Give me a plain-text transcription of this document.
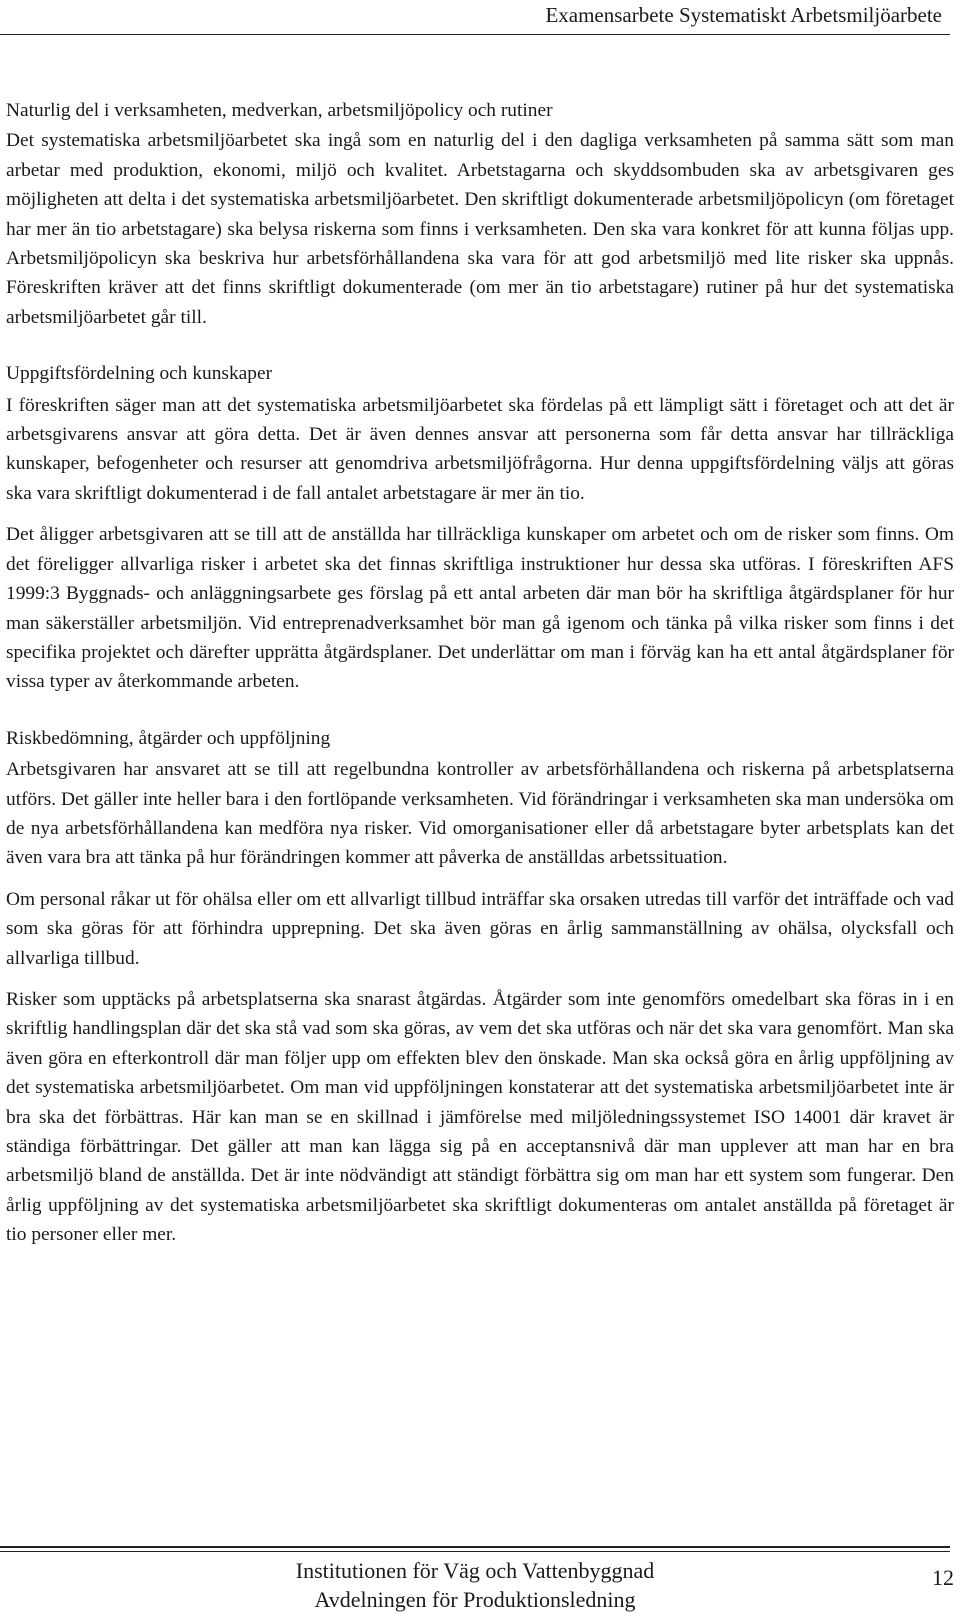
Examensarbete Systematiskt Arbetsmiljöarbete
Naturlig del i verksamheten, medverkan, arbetsmiljöpolicy och rutiner

Det systematiska arbetsmiljöarbetet ska ingå som en naturlig del i den dagliga verksamheten på samma sätt som man arbetar med produktion, ekonomi, miljö och kvalitet. Arbetstagarna och skyddsombuden ska av arbetsgivaren ges möjligheten att delta i det systematiska arbetsmiljöarbetet. Den skriftligt dokumenterade arbetsmiljöpolicyn (om företaget har mer än tio arbetstagare) ska belysa riskerna som finns i verksamheten. Den ska vara konkret för att kunna följas upp. Arbetsmiljöpolicyn ska beskriva hur arbetsförhållandena ska vara för att god arbetsmiljö med lite risker ska uppnås. Föreskriften kräver att det finns skriftligt dokumenterade (om mer än tio arbetstagare) rutiner på hur det systematiska arbetsmiljöarbetet går till.

Uppgiftsfördelning och kunskaper

I föreskriften säger man att det systematiska arbetsmiljöarbetet ska fördelas på ett lämpligt sätt i företaget och att det är arbetsgivarens ansvar att göra detta. Det är även dennes ansvar att personerna som får detta ansvar har tillräckliga kunskaper, befogenheter och resurser att genomdriva arbetsmiljöfrågorna. Hur denna uppgiftsfördelning väljs att göras ska vara skriftligt dokumenterad i de fall antalet arbetstagare är mer än tio.

Det åligger arbetsgivaren att se till att de anställda har tillräckliga kunskaper om arbetet och om de risker som finns. Om det föreligger allvarliga risker i arbetet ska det finnas skriftliga instruktioner hur dessa ska utföras. I föreskriften AFS 1999:3 Byggnads- och anläggningsarbete ges förslag på ett antal arbeten där man bör ha skriftliga åtgärdsplaner för hur man säkerställer arbetsmiljön. Vid entreprenadverksamhet bör man gå igenom och tänka på vilka risker som finns i det specifika projektet och därefter upprätta åtgärdsplaner. Det underlättar om man i förväg kan ha ett antal åtgärdsplaner för vissa typer av återkommande arbeten.

Riskbedömning, åtgärder och uppföljning

Arbetsgivaren har ansvaret att se till att regelbundna kontroller av arbetsförhållandena och riskerna på arbetsplatserna utförs. Det gäller inte heller bara i den fortlöpande verksamheten. Vid förändringar i verksamheten ska man undersöka om de nya arbetsförhållandena kan medföra nya risker. Vid omorganisationer eller då arbetstagare byter arbetsplats kan det även vara bra att tänka på hur förändringen kommer att påverka de anställdas arbetssituation.

Om personal råkar ut för ohälsa eller om ett allvarligt tillbud inträffar ska orsaken utredas till varför det inträffade och vad som ska göras för att förhindra upprepning. Det ska även göras en årlig sammanställning av ohälsa, olycksfall och allvarliga tillbud.

Risker som upptäcks på arbetsplatserna ska snarast åtgärdas. Åtgärder som inte genomförs omedelbart ska föras in i en skriftlig handlingsplan där det ska stå vad som ska göras, av vem det ska utföras och när det ska vara genomfört. Man ska även göra en efterkontroll där man följer upp om effekten blev den önskade. Man ska också göra en årlig uppföljning av det systematiska arbetsmiljöarbetet. Om man vid uppföljningen konstaterar att det systematiska arbetsmiljöarbetet inte är bra ska det förbättras. Här kan man se en skillnad i jämförelse med miljöledningssystemet ISO 14001 där kravet är ständiga förbättringar. Det gäller att man kan lägga sig på en acceptansnivå där man upplever att man har en bra arbetsmiljö bland de anställda. Det är inte nödvändigt att ständigt förbättra sig om man har ett system som fungerar. Den årlig uppföljning av det systematiska arbetsmiljöarbetet ska skriftligt dokumenteras om antalet anställda på företaget är tio personer eller mer.

Institutionen för Väg och Vattenbyggnad
Avdelningen för Produktionsledning
12
